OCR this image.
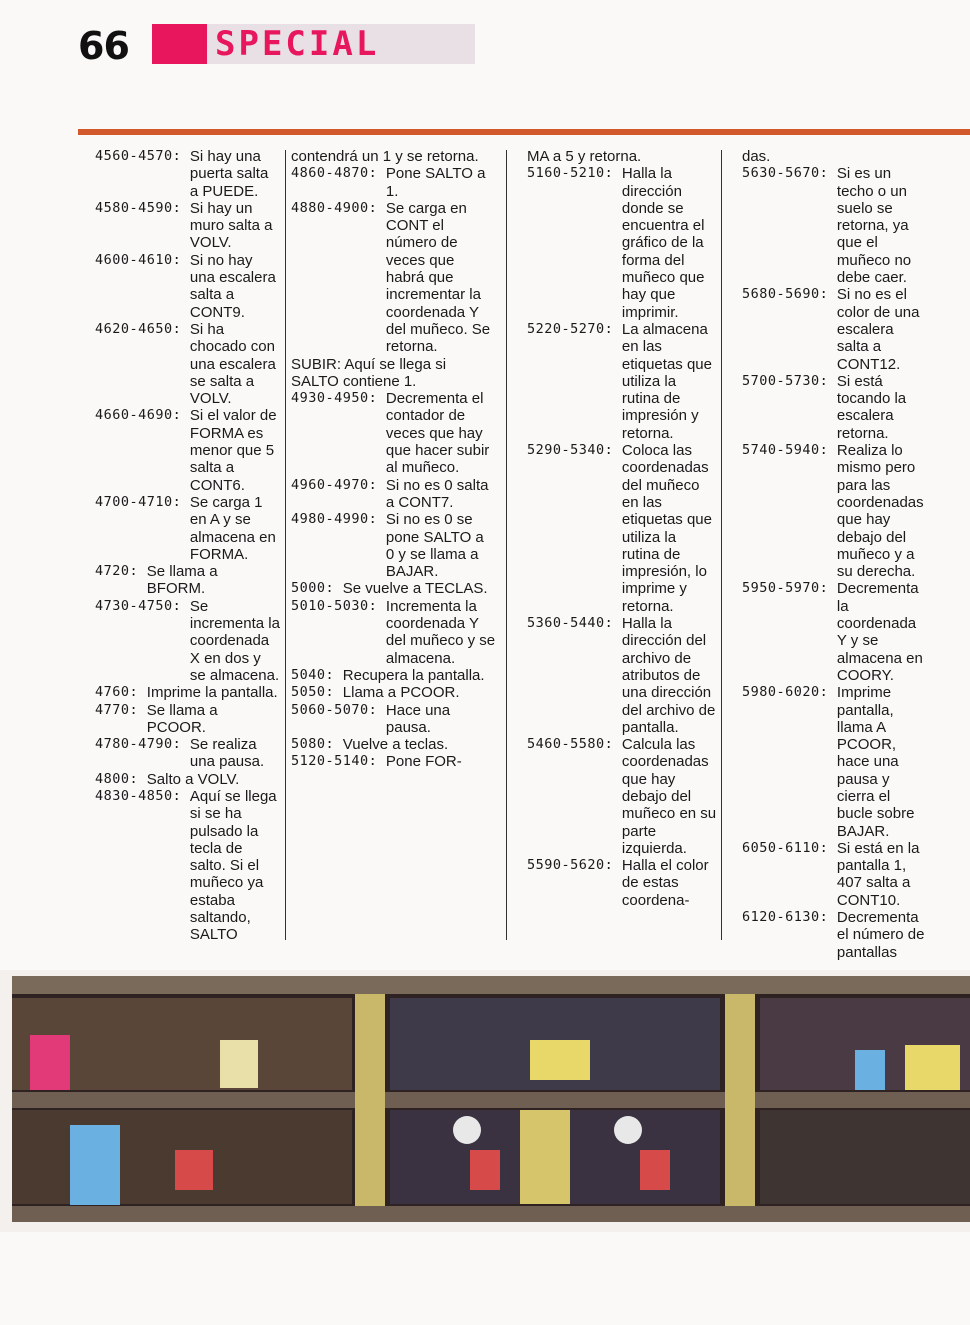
66	SPECIAL
4560-4570: Si hay una puerta salta a PUEDE.
4580-4590: Si hay un muro salta a VOLV.
4600-4610: Si no hay una escalera salta a CONT9.
4620-4650: Si ha chocado con una escalera se salta a VOLV.
4660-4690: Si el valor de FORMA es menor que 5 salta a CONT6.
4700-4710: Se carga 1 en A y se almacena en FORMA.
4720: Se llama a BFORM.
4730-4750: Se incrementa la coordenada X en dos y se almacena.
4760: Imprime la pantalla.
4770: Se llama a PCOOR.
4780-4790: Se realiza una pausa.
4800: Salto a VOLV.
4830-4850: Aquí se llega si se ha pulsado la tecla de salto. Si el muñeco ya estaba saltando, SALTO
contendrá un 1 y se retorna.
4860-4870: Pone SALTO a 1.
4880-4900: Se carga en CONT el número de veces que habrá que incrementar la coordenada Y del muñeco. Se retorna.
SUBIR: Aquí se llega si SALTO contiene 1.
4930-4950: Decrementa el contador de veces que hay que hacer subir al muñeco.
4960-4970: Si no es 0 salta a CONT7.
4980-4990: Si no es 0 se pone SALTO a 0 y se llama a BAJAR.
5000: Se vuelve a TECLAS.
5010-5030: Incrementa la coordenada Y del muñeco y se almacena.
5040: Recupera la pantalla.
5050: Llama a PCOOR.
5060-5070: Hace una pausa.
5080: Vuelve a teclas.
5120-5140: Pone FOR-
MA a 5 y retorna.
5160-5210: Halla la dirección donde se encuentra el gráfico de la forma del muñeco que hay que imprimir.
5220-5270: La almacena en las etiquetas que utiliza la rutina de impresión y retorna.
5290-5340: Coloca las coordenadas del muñeco en las etiquetas que utiliza la rutina de impresión, lo imprime y retorna.
5360-5440: Halla la dirección del archivo de atributos de una dirección del archivo de pantalla.
5460-5580: Calcula las coordenadas que hay debajo del muñeco en su parte izquierda.
5590-5620: Halla el color de estas coordena-
das.
5630-5670: Si es un techo o un suelo se retorna, ya que el muñeco no debe caer.
5680-5690: Si no es el color de una escalera salta a CONT12.
5700-5730: Si está tocando la escalera retorna.
5740-5940: Realiza lo mismo pero para las coordenadas que hay debajo del muñeco y a su derecha.
5950-5970: Decrementa la coordenada Y y se almacena en COORY.
5980-6020: Imprime pantalla, llama A PCOOR, hace una pausa y cierra el bucle sobre BAJAR.
6050-6110: Si está en la pantalla 1, 407 salta a CONT10.
6120-6130: Decrementa el número de pantallas
